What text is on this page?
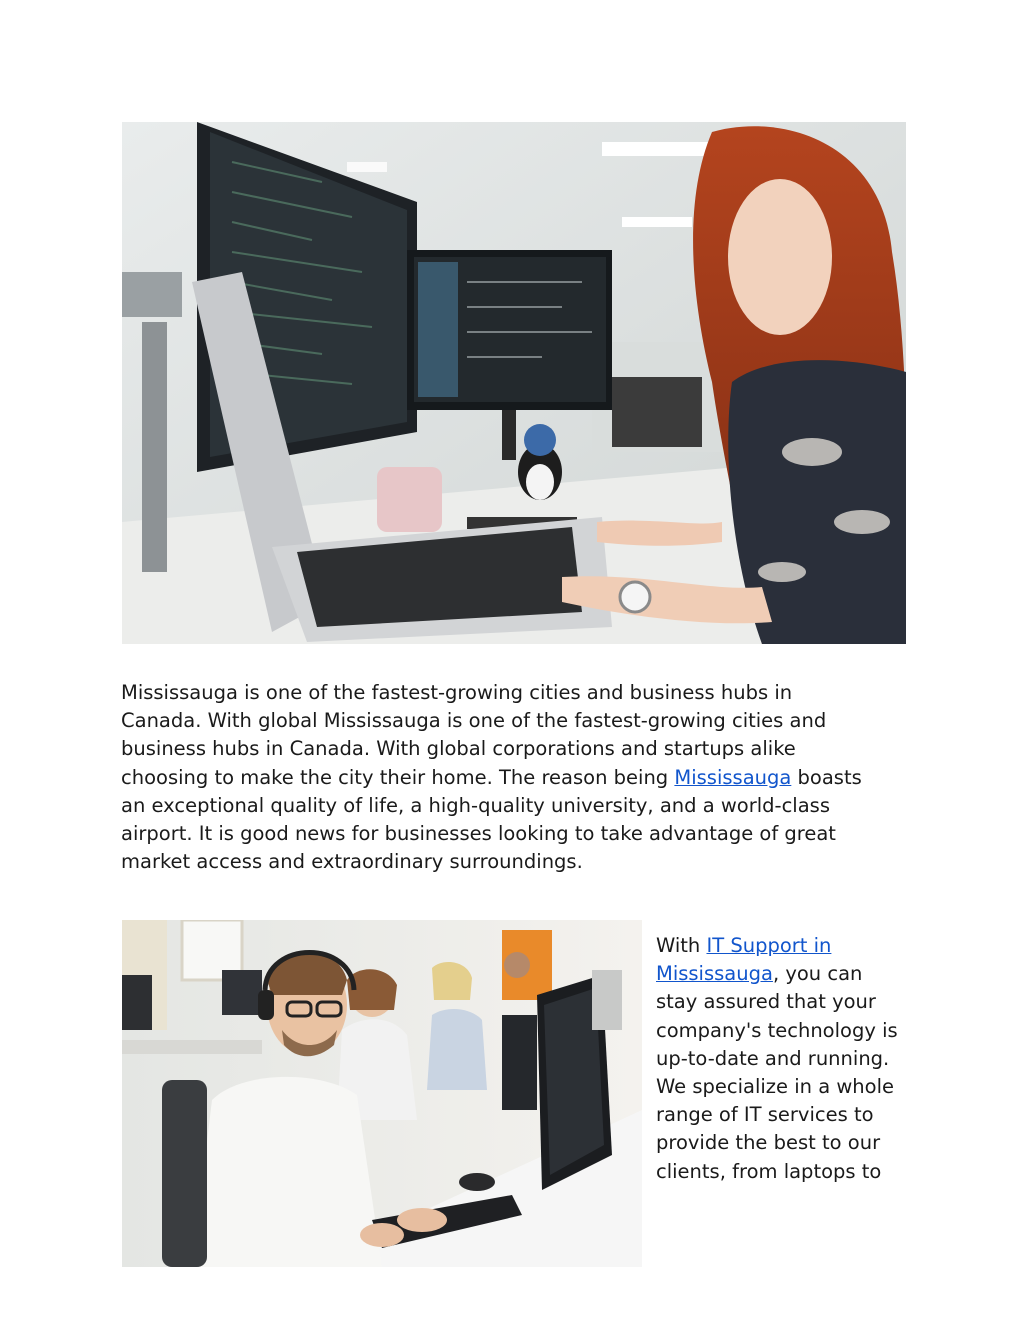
Mississauga is one of the fastest-growing cities and business hubs in
Canada. With global Mississauga is one of the fastest-growing cities and
business hubs in Canada. With global corporations and startups alike
choosing to make the city their home. The reason being Mississauga boasts
an exceptional quality of life, a high-quality university, and a world-class
airport. It is good news for businesses looking to take advantage of great
market access and extraordinary surroundings.
With IT Support in
Mississauga, you can
stay assured that your
company's technology is
up-to-date and running.
We specialize in a whole
range of IT services to
provide the best to our
clients, from laptops to
